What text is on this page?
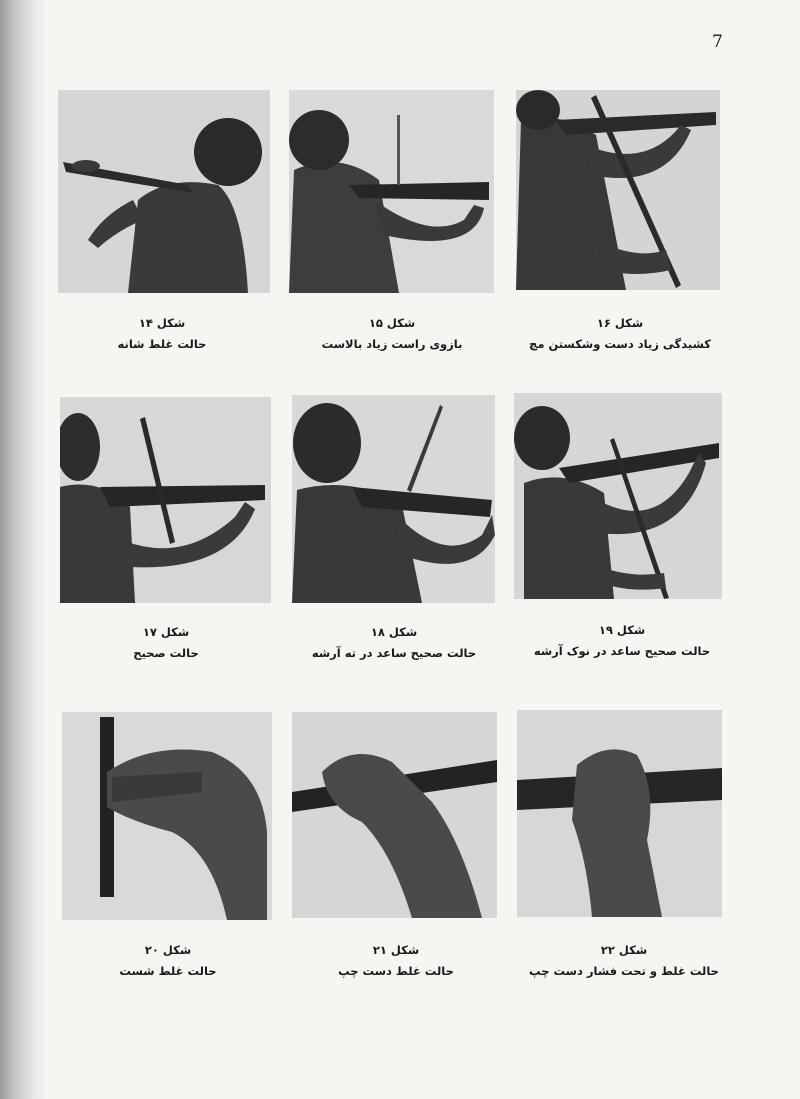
7
شکل ۱۴
حالت غلط شانه
شکل ۱۵
بازوی راست زیاد بالاست
شکل ۱۶
کشیدگی زیاد دست وشکستن مچ
شکل ۱۷
حالت صحیح
شکل ۱۸
حالت صحیح ساعد در ته آرشه
شکل ۱۹
حالت صحیح ساعد در نوک آرشه
شکل ۲۰
حالت غلط شست
شکل ۲۱
حالت غلط دست چپ
شکل ۲۲
حالت غلط و تحت فشار دست چپ
